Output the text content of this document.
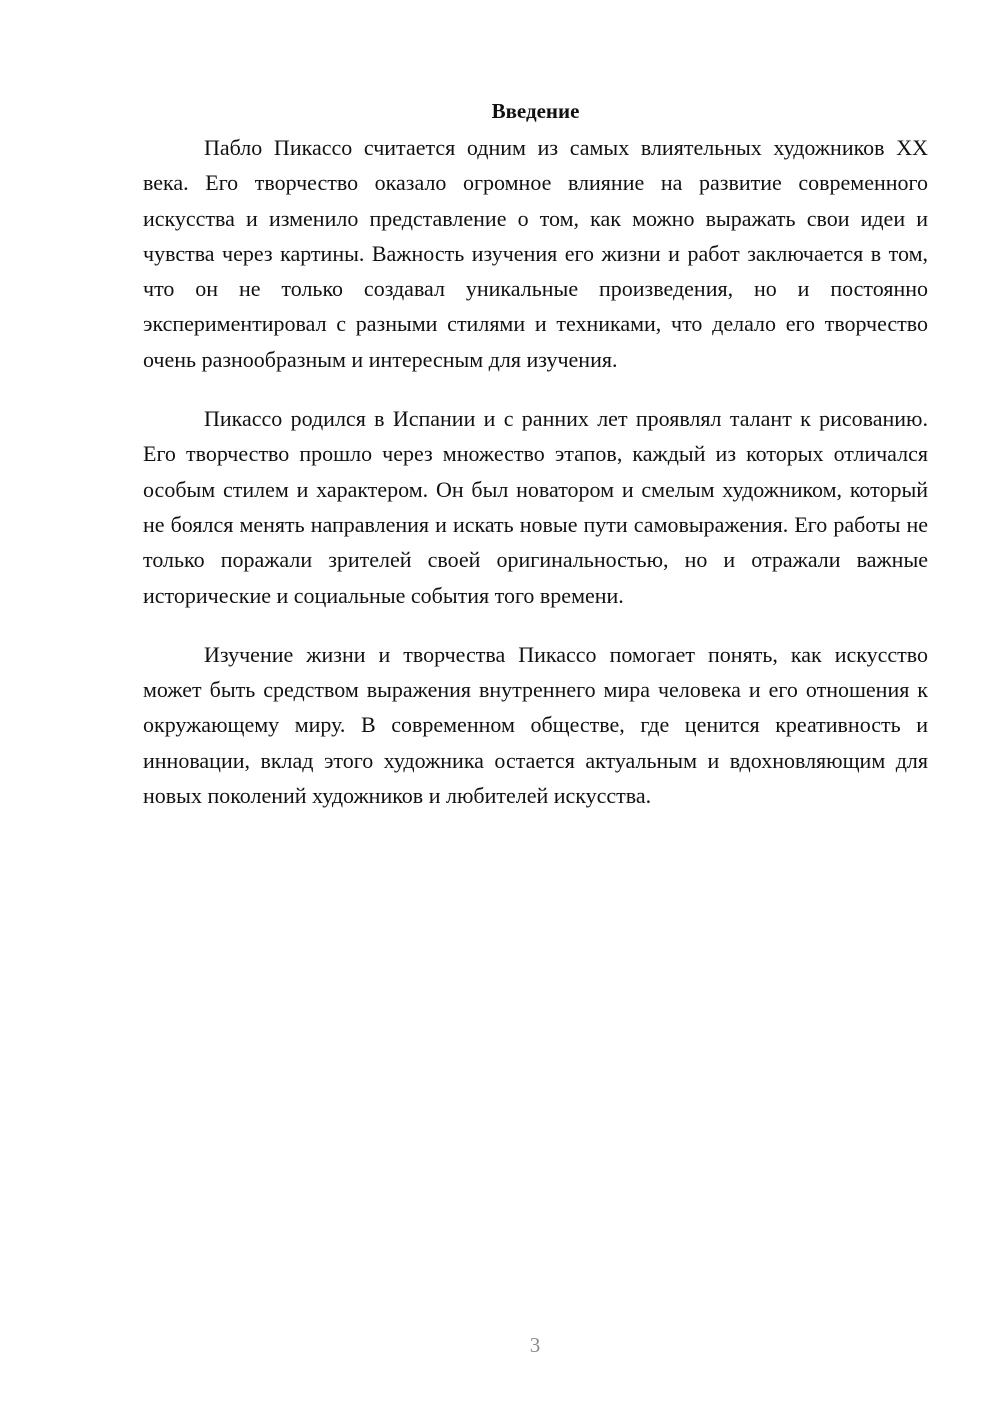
Введение

Пабло Пикассо считается одним из самых влиятельных художников XX века. Его творчество оказало огромное влияние на развитие современного искусства и изменило представление о том, как можно выражать свои идеи и чувства через картины. Важность изучения его жизни и работ заключается в том, что он не только создавал уникальные произведения, но и постоянно экспериментировал с разными стилями и техниками, что делало его творчество очень разнообразным и интересным для изучения.

Пикассо родился в Испании и с ранних лет проявлял талант к рисованию. Его творчество прошло через множество этапов, каждый из которых отличался особым стилем и характером. Он был новатором и смелым художником, который не боялся менять направления и искать новые пути самовыражения. Его работы не только поражали зрителей своей оригинальностью, но и отражали важные исторические и социальные события того времени.

Изучение жизни и творчества Пикассо помогает понять, как искусство может быть средством выражения внутреннего мира человека и его отношения к окружающему миру. В современном обществе, где ценится креативность и инновации, вклад этого художника остается актуальным и вдохновляющим для новых поколений художников и любителей искусства.

3
